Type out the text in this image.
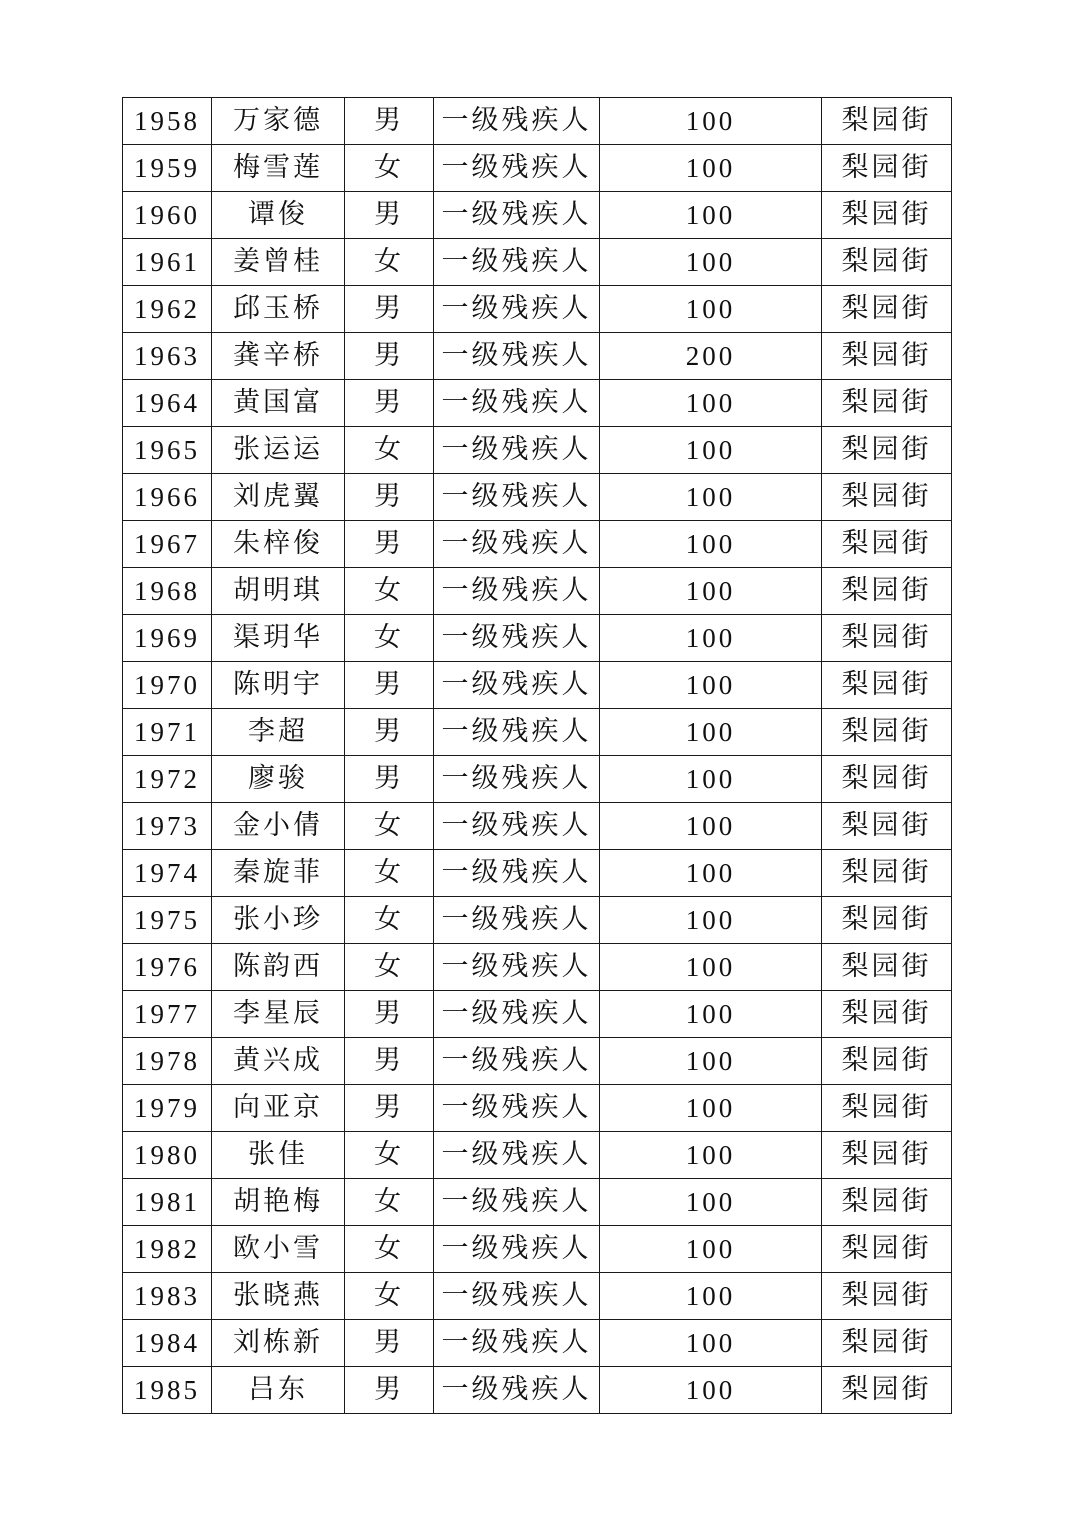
1958	万家德	男	一级残疾人	100	梨园街
1959	梅雪莲	女	一级残疾人	100	梨园街
1960	谭俊	男	一级残疾人	100	梨园街
1961	姜曾桂	女	一级残疾人	100	梨园街
1962	邱玉桥	男	一级残疾人	100	梨园街
1963	龚辛桥	男	一级残疾人	200	梨园街
1964	黄国富	男	一级残疾人	100	梨园街
1965	张运运	女	一级残疾人	100	梨园街
1966	刘虎翼	男	一级残疾人	100	梨园街
1967	朱梓俊	男	一级残疾人	100	梨园街
1968	胡明琪	女	一级残疾人	100	梨园街
1969	渠玥华	女	一级残疾人	100	梨园街
1970	陈明宇	男	一级残疾人	100	梨园街
1971	李超	男	一级残疾人	100	梨园街
1972	廖骏	男	一级残疾人	100	梨园街
1973	金小倩	女	一级残疾人	100	梨园街
1974	秦旋菲	女	一级残疾人	100	梨园街
1975	张小珍	女	一级残疾人	100	梨园街
1976	陈韵西	女	一级残疾人	100	梨园街
1977	李星辰	男	一级残疾人	100	梨园街
1978	黄兴成	男	一级残疾人	100	梨园街
1979	向亚京	男	一级残疾人	100	梨园街
1980	张佳	女	一级残疾人	100	梨园街
1981	胡艳梅	女	一级残疾人	100	梨园街
1982	欧小雪	女	一级残疾人	100	梨园街
1983	张晓燕	女	一级残疾人	100	梨园街
1984	刘栋新	男	一级残疾人	100	梨园街
1985	吕东	男	一级残疾人	100	梨园街
